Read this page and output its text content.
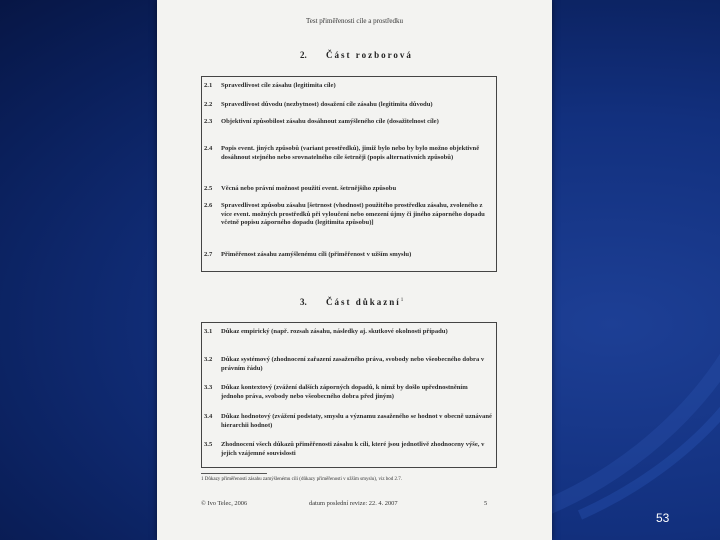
Test přiměřenosti cíle a prostředku
2. Část rozborová
2.1 Spravedlivost cíle zásahu (legitimita cíle)
2.2 Spravedlivost důvodu (nezbytnost) dosažení cíle zásahu (legitimita důvodu)
2.3 Objektivní způsobilost zásahu dosáhnout zamýšleného cíle (dosažitelnost cíle)
2.4 Popis event. jiných způsobů (variant prostředků), jimiž bylo nebo by bylo možno objektivně dosáhnout stejného nebo srovnatelného cíle šetrněji (popis alternativních způsobů)
2.5 Věcná nebo právní možnost použití event. šetrnějšího způsobu
2.6 Spravedlivost způsobu zásahu [šetrnost (vhodnost) použitého prostředku zásahu, zvoleného z více event. možných prostředků při vyloučení nebo omezení újmy či jiného záporného dopadu včetně popisu záporného dopadu (legitimita způsobu)]
2.7 Přiměřenost zásahu zamýšlenému cíli (přiměřenost v užším smyslu)
3. Část důkazní$^1$
3.1 Důkaz empirický (např. rozsah zásahu, následky aj. skutkové okolnosti případu)
3.2 Důkaz systémový (zhodnocení zařazení zasaženého práva, svobody nebo všeobecného dobra v právním řádu)
3.3 Důkaz kontextový (zvážení dalších záporných dopadů, k nimž by došlo upřednostněním jednoho práva, svobody nebo všeobecného dobra před jiným)
3.4 Důkaz hodnotový (zvážení podstaty, smyslu a významu zasaženého se hodnot v obecně uznávané hierarchii hodnot)
3.5 Zhodnocení všech důkazů přiměřenosti zásahu k cíli, které jsou jednotlivě zhodnoceny výše, v jejich vzájemné souvislosti
1 Důkazy přiměřenosti zásahu zamýšlenému cíli (důkazy přiměřenosti v užším smyslu), viz bod 2.7.
© Ivo Telec, 2006	datum poslední revize: 22. 4. 2007	5
53
